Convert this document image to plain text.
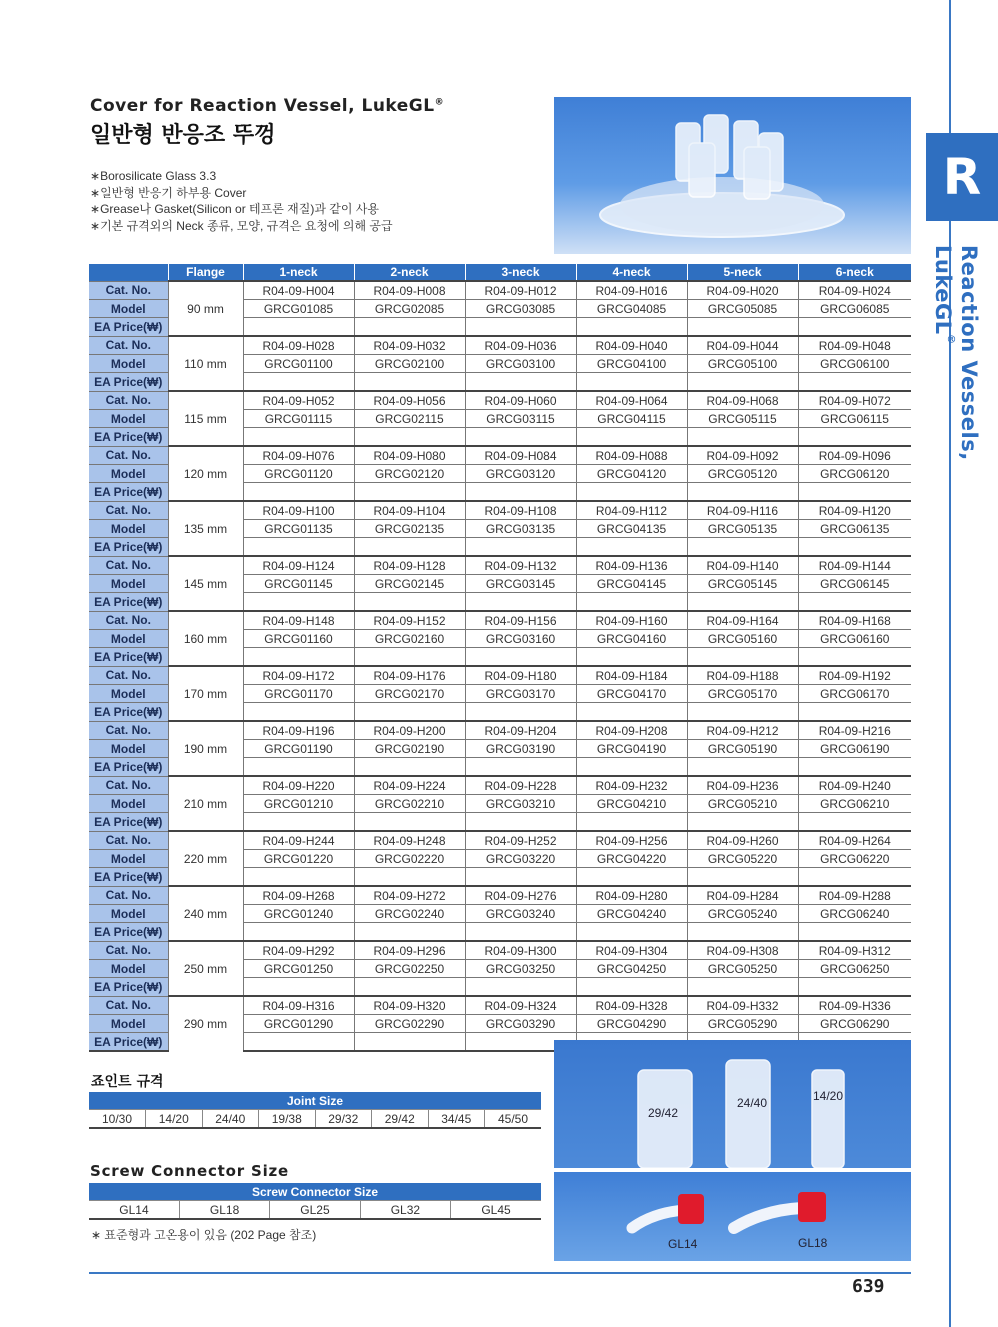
R
Reaction Vessels, LukeGL®
Cover for Reaction Vessel, LukeGL®
일반형 반응조 뚜껑
∗ Borosilicate Glass 3.3
∗ 일반형 반응기 하부용 Cover
∗ Grease나 Gasket(Silicon or 테프론 재질)과 같이 사용
∗ 기본 규격외의 Neck 종류, 모양, 규격은 요청에 의해 공급
	Flange	1-neck	2-neck	3-neck	4-neck	5-neck	6-neck
Cat. No.	90 mm	R04-09-H004	R04-09-H008	R04-09-H012	R04-09-H016	R04-09-H020	R04-09-H024
Model		GRCG01085	GRCG02085	GRCG03085	GRCG04085	GRCG05085	GRCG06085
EA Price(₩)							
Cat. No.	110 mm	R04-09-H028	R04-09-H032	R04-09-H036	R04-09-H040	R04-09-H044	R04-09-H048
Model		GRCG01100	GRCG02100	GRCG03100	GRCG04100	GRCG05100	GRCG06100
EA Price(₩)							
Cat. No.	115 mm	R04-09-H052	R04-09-H056	R04-09-H060	R04-09-H064	R04-09-H068	R04-09-H072
Model		GRCG01115	GRCG02115	GRCG03115	GRCG04115	GRCG05115	GRCG06115
EA Price(₩)							
Cat. No.	120 mm	R04-09-H076	R04-09-H080	R04-09-H084	R04-09-H088	R04-09-H092	R04-09-H096
Model		GRCG01120	GRCG02120	GRCG03120	GRCG04120	GRCG05120	GRCG06120
EA Price(₩)							
Cat. No.	135 mm	R04-09-H100	R04-09-H104	R04-09-H108	R04-09-H112	R04-09-H116	R04-09-H120
Model		GRCG01135	GRCG02135	GRCG03135	GRCG04135	GRCG05135	GRCG06135
EA Price(₩)							
Cat. No.	145 mm	R04-09-H124	R04-09-H128	R04-09-H132	R04-09-H136	R04-09-H140	R04-09-H144
Model		GRCG01145	GRCG02145	GRCG03145	GRCG04145	GRCG05145	GRCG06145
EA Price(₩)							
Cat. No.	160 mm	R04-09-H148	R04-09-H152	R04-09-H156	R04-09-H160	R04-09-H164	R04-09-H168
Model		GRCG01160	GRCG02160	GRCG03160	GRCG04160	GRCG05160	GRCG06160
EA Price(₩)							
Cat. No.	170 mm	R04-09-H172	R04-09-H176	R04-09-H180	R04-09-H184	R04-09-H188	R04-09-H192
Model		GRCG01170	GRCG02170	GRCG03170	GRCG04170	GRCG05170	GRCG06170
EA Price(₩)							
Cat. No.	190 mm	R04-09-H196	R04-09-H200	R04-09-H204	R04-09-H208	R04-09-H212	R04-09-H216
Model		GRCG01190	GRCG02190	GRCG03190	GRCG04190	GRCG05190	GRCG06190
EA Price(₩)							
Cat. No.	210 mm	R04-09-H220	R04-09-H224	R04-09-H228	R04-09-H232	R04-09-H236	R04-09-H240
Model		GRCG01210	GRCG02210	GRCG03210	GRCG04210	GRCG05210	GRCG06210
EA Price(₩)							
Cat. No.	220 mm	R04-09-H244	R04-09-H248	R04-09-H252	R04-09-H256	R04-09-H260	R04-09-H264
Model		GRCG01220	GRCG02220	GRCG03220	GRCG04220	GRCG05220	GRCG06220
EA Price(₩)							
Cat. No.	240 mm	R04-09-H268	R04-09-H272	R04-09-H276	R04-09-H280	R04-09-H284	R04-09-H288
Model		GRCG01240	GRCG02240	GRCG03240	GRCG04240	GRCG05240	GRCG06240
EA Price(₩)							
Cat. No.	250 mm	R04-09-H292	R04-09-H296	R04-09-H300	R04-09-H304	R04-09-H308	R04-09-H312
Model		GRCG01250	GRCG02250	GRCG03250	GRCG04250	GRCG05250	GRCG06250
EA Price(₩)							
Cat. No.	290 mm	R04-09-H316	R04-09-H320	R04-09-H324	R04-09-H328	R04-09-H332	R04-09-H336
Model		GRCG01290	GRCG02290	GRCG03290	GRCG04290	GRCG05290	GRCG06290
EA Price(₩)							
죠인트 규격
Joint Size
10/30	14/20	24/40	19/38	29/32	29/42	34/45	45/50
Screw Connector Size
Screw Connector Size
GL14	GL18	GL25	GL32	GL45
∗ 표준형과 고온용이 있음 (202 Page 참조)
29/42
24/40	14/20
GL14	GL18
639
